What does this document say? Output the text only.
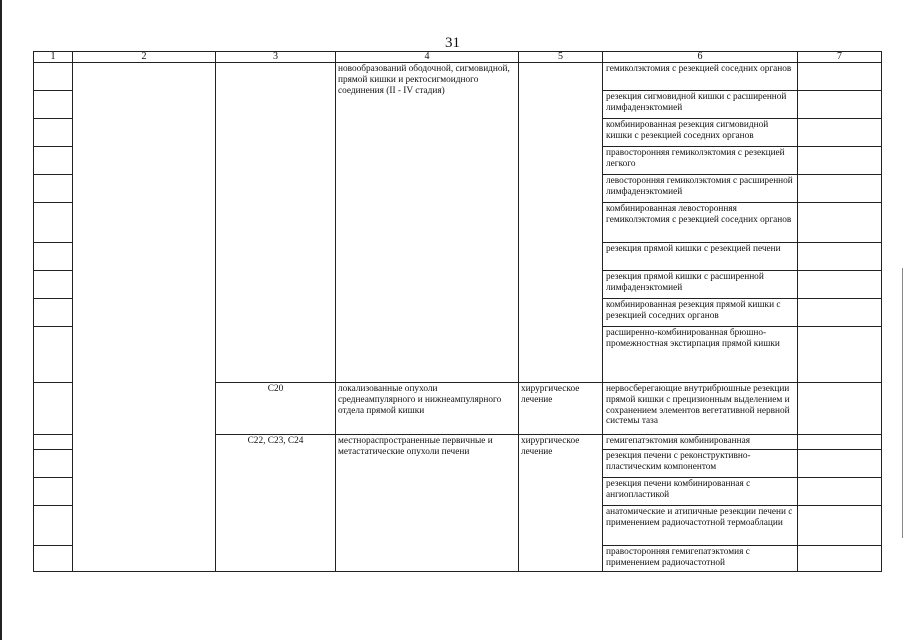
31
1	2	3	4	5	6	7
			новообразований ободочной, сигмовидной, прямой кишки и ректосигмоидного соединения (II - IV стадия)		гемиколэктомия с резекцией соседних органов	
					резекция сигмовидной кишки с расширенной лимфаденэктомией	
					комбинированная резекция сигмовидной кишки с резекцией соседних органов	
					правосторонняя гемиколэктомия с резекцией легкого	
					левосторонняя гемиколэктомия с расширенной лимфаденэктомией	
					комбинированная левосторонняя гемиколэктомия с резекцией соседних органов	
					резекция прямой кишки с резекцией печени	
					резекция прямой кишки с расширенной лимфаденэктомией	
					комбинированная резекция прямой кишки с резекцией соседних органов	
					расширенно-комбинированная брюшно-промежностная экстирпация прямой кишки	
		C20	локализованные опухоли среднеампулярного и нижнеампулярного отдела прямой кишки	хирургическое лечение	нервосберегающие внутрибрюшные резекции прямой кишки с прецизионным выделением и сохранением элементов вегетативной нервной системы таза	
		C22, C23, C24	местнораспространенные первичные и метастатические опухоли печени	хирургическое лечение	гемигепатэктомия комбинированная	
					резекция печени с реконструктивно-пластическим компонентом	
					резекция печени комбинированная с ангиопластикой	
					анатомические и атипичные резекции печени с применением радиочастотной термоаблации	
					правосторонняя гемигепатэктомия с применением радиочастотной	
